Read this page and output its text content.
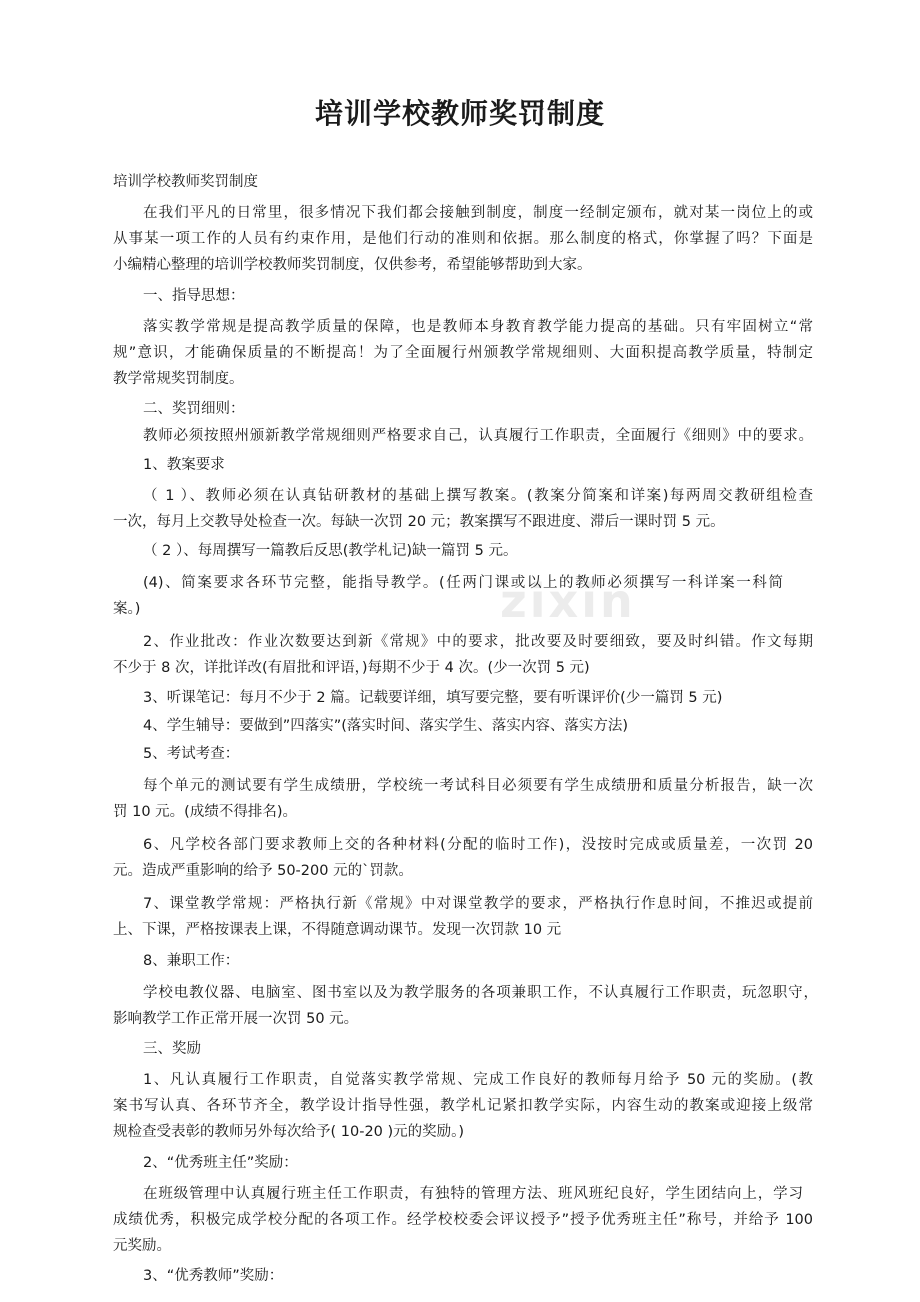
zixin
培训学校教师奖罚制度
培训学校教师奖罚制度
在我们平凡的日常里，很多情况下我们都会接触到制度，制度一经制定颁布，就对某一岗位上的或
从事某一项工作的人员有约束作用，是他们行动的准则和依据。那么制度的格式，你掌握了吗？下面是
小编精心整理的培训学校教师奖罚制度，仅供参考，希望能够帮助到大家。
一、指导思想：
落实教学常规是提高教学质量的保障，也是教师本身教育教学能力提高的基础。只有牢固树立“常
规”意识，才能确保质量的不断提高！为了全面履行州颁教学常规细则、大面积提高教学质量，特制定
教学常规奖罚制度。
二、奖罚细则：
教师必须按照州颁新教学常规细则严格要求自己，认真履行工作职责，全面履行《细则》中的要求。
1、教案要求
（ 1 ）、教师必须在认真钻研教材的基础上撰写教案。(教案分简案和详案)每两周交教研组检查
一次，每月上交教导处检查一次。每缺一次罚 20 元；教案撰写不跟进度、滞后一课时罚 5 元。
（ 2 ）、每周撰写一篇教后反思(教学札记)缺一篇罚 5 元。
(4)、简案要求各环节完整，能指导教学。(任两门课或以上的教师必须撰写一科详案一科简
案。)
2、作业批改：作业次数要达到新《常规》中的要求，批改要及时要细致，要及时纠错。作文每期
不少于 8 次，详批详改(有眉批和评语，)每期不少于 4 次。(少一次罚 5 元)
3、听课笔记：每月不少于 2 篇。记载要详细，填写要完整，要有听课评价(少一篇罚 5 元)
4、学生辅导：要做到”四落实”(落实时间、落实学生、落实内容、落实方法)
5、考试考查：
每个单元的测试要有学生成绩册，学校统一考试科目必须要有学生成绩册和质量分析报告，缺一次
罚 10 元。(成绩不得排名)。
6、凡学校各部门要求教师上交的各种材料(分配的临时工作)，没按时完成或质量差，一次罚 20
元。造成严重影响的给予 50-200 元的`罚款。
7、课堂教学常规：严格执行新《常规》中对课堂教学的要求，严格执行作息时间，不推迟或提前
上、下课，严格按课表上课，不得随意调动课节。发现一次罚款 10 元
8、兼职工作：
学校电教仪器、电脑室、图书室以及为教学服务的各项兼职工作，不认真履行工作职责，玩忽职守，
影响教学工作正常开展一次罚 50 元。
三、奖励
1、凡认真履行工作职责，自觉落实教学常规、完成工作良好的教师每月给予 50 元的奖励。(教
案书写认真、各环节齐全，教学设计指导性强，教学札记紧扣教学实际，内容生动的教案或迎接上级常
规检查受表彰的教师另外每次给予( 10-20 )元的奖励。)
2、“优秀班主任”奖励：
在班级管理中认真履行班主任工作职责，有独特的管理方法、班风班纪良好，学生团结向上，学习
成绩优秀，积极完成学校分配的各项工作。经学校校委会评议授予”授予优秀班主任”称号，并给予 100
元奖励。
3、“优秀教师”奖励：
